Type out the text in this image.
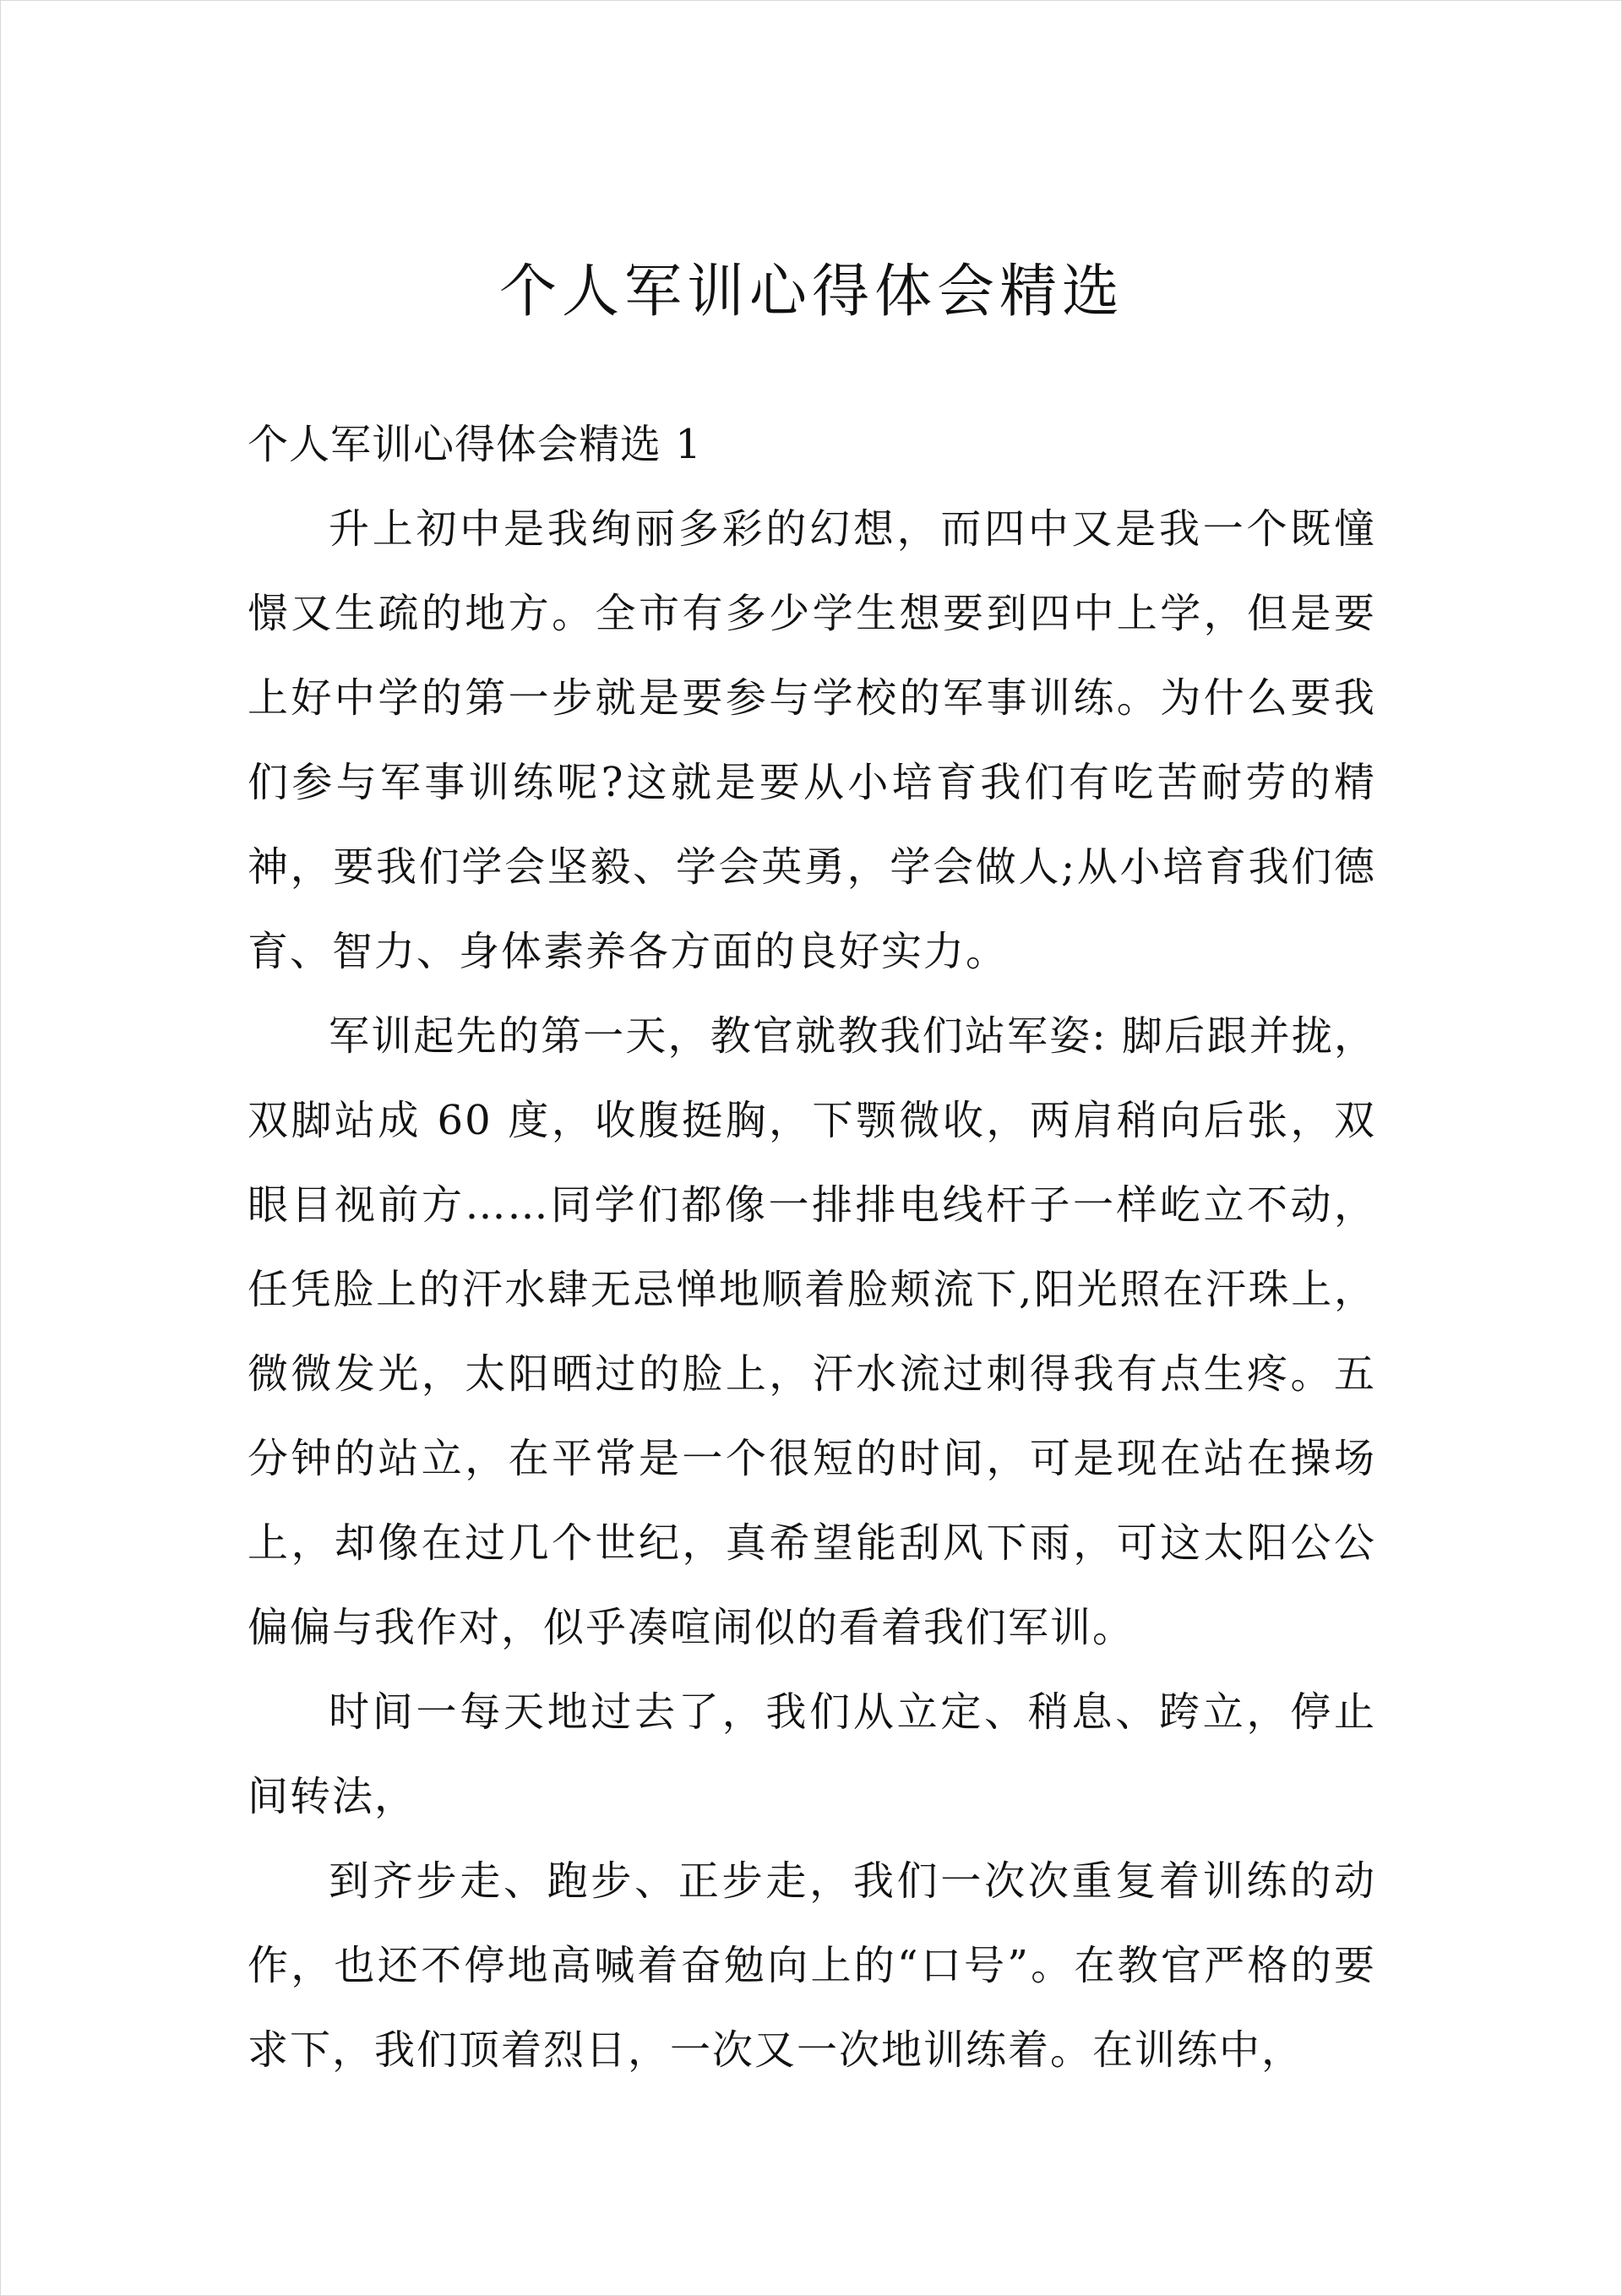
个人军训心得体会精选
个人军训心得体会精选 1

升上初中是我绚丽多彩的幻想，而四中又是我一个既憧憬又生疏的地方。全市有多少学生想要到四中上学，但是要上好中学的第一步就是要参与学校的军事训练。为什么要我们参与军事训练呢?这就是要从小培育我们有吃苦耐劳的精神，要我们学会坚毅、学会英勇，学会做人;从小培育我们德育、智力、身体素养各方面的良好实力。

军训起先的第一天，教官就教我们站军姿: 脚后跟并拢，双脚站成 60 度，收腹挺胸，下颚微收，两肩稍向后张，双眼目视前方……同学们都像一排排电线杆子一样屹立不动，任凭脸上的汗水肆无忌惮地顺着脸颊流下,阳光照在汗珠上，微微发光，太阳晒过的脸上，汗水流过刺得我有点生疼。五分钟的站立，在平常是一个很短的时间，可是现在站在操场上，却像在过几个世纪，真希望能刮风下雨，可这太阳公公偏偏与我作对，似乎凑喧闹似的看着我们军训。

时间一每天地过去了，我们从立定、稍息、跨立，停止间转法，

到齐步走、跑步、正步走，我们一次次重复着训练的动作，也还不停地高喊着奋勉向上的“口号”。在教官严格的要求下，我们顶着烈日，一次又一次地训练着。在训练中，
